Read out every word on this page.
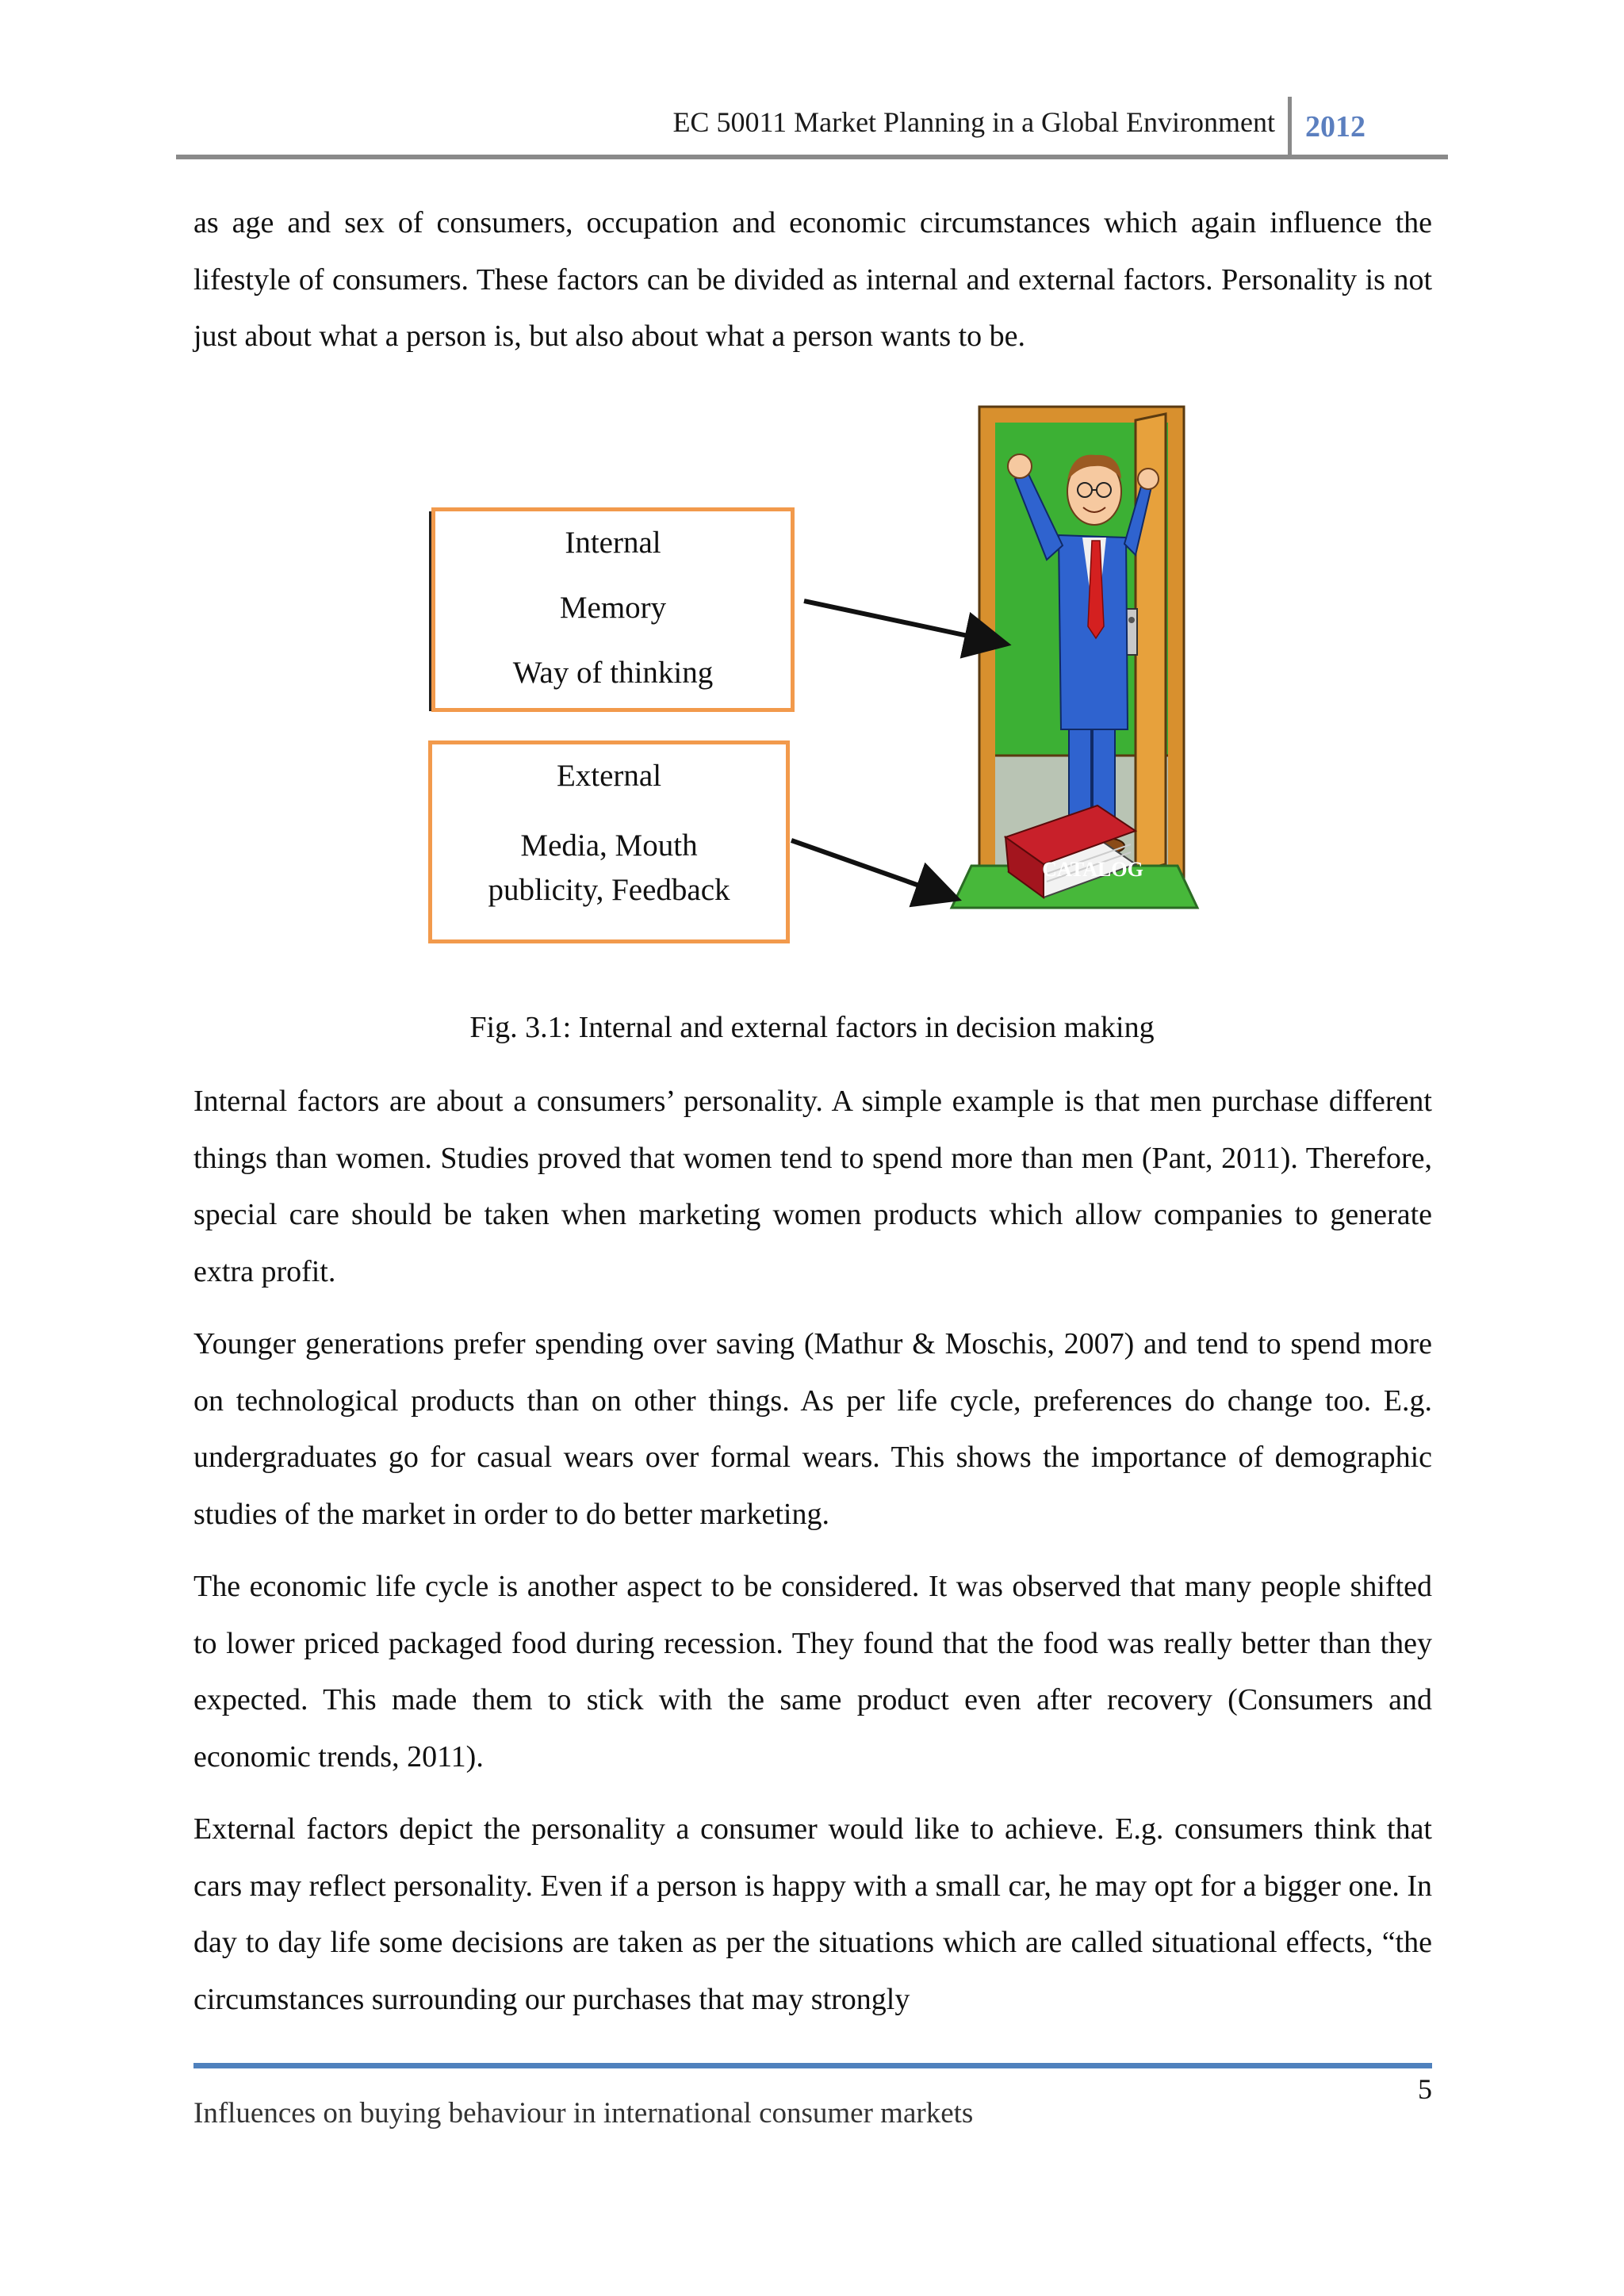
EC 50011 Market Planning in a Global Environment 2012

as age and sex of consumers, occupation and economic circumstances which again influence the lifestyle of consumers. These factors can be divided as internal and external factors. Personality is not just about what a person is, but also about what a person wants to be.

CATALOG
Internal
Memory
Way of thinking
External
Media, Mouth
publicity, Feedback
Fig. 3.1: Internal and external factors in decision making

Internal factors are about a consumers’ personality. A simple example is that men purchase different things than women. Studies proved that women tend to spend more than men (Pant, 2011). Therefore, special care should be taken when marketing women products which allow companies to generate extra profit.

Younger generations prefer spending over saving (Mathur & Moschis, 2007) and tend to spend more on technological products than on other things. As per life cycle, preferences do change too. E.g. undergraduates go for casual wears over formal wears. This shows the importance of demographic studies of the market in order to do better marketing.

The economic life cycle is another aspect to be considered. It was observed that many people shifted to lower priced packaged food during recession. They found that the food was really better than they expected. This made them to stick with the same product even after recovery (Consumers and economic trends, 2011).

External factors depict the personality a consumer would like to achieve. E.g. consumers think that cars may reflect personality. Even if a person is happy with a small car, he may opt for a bigger one. In day to day life some decisions are taken as per the situations which are called situational effects, “the circumstances surrounding our purchases that may strongly

5
Influences on buying behaviour in international consumer markets
